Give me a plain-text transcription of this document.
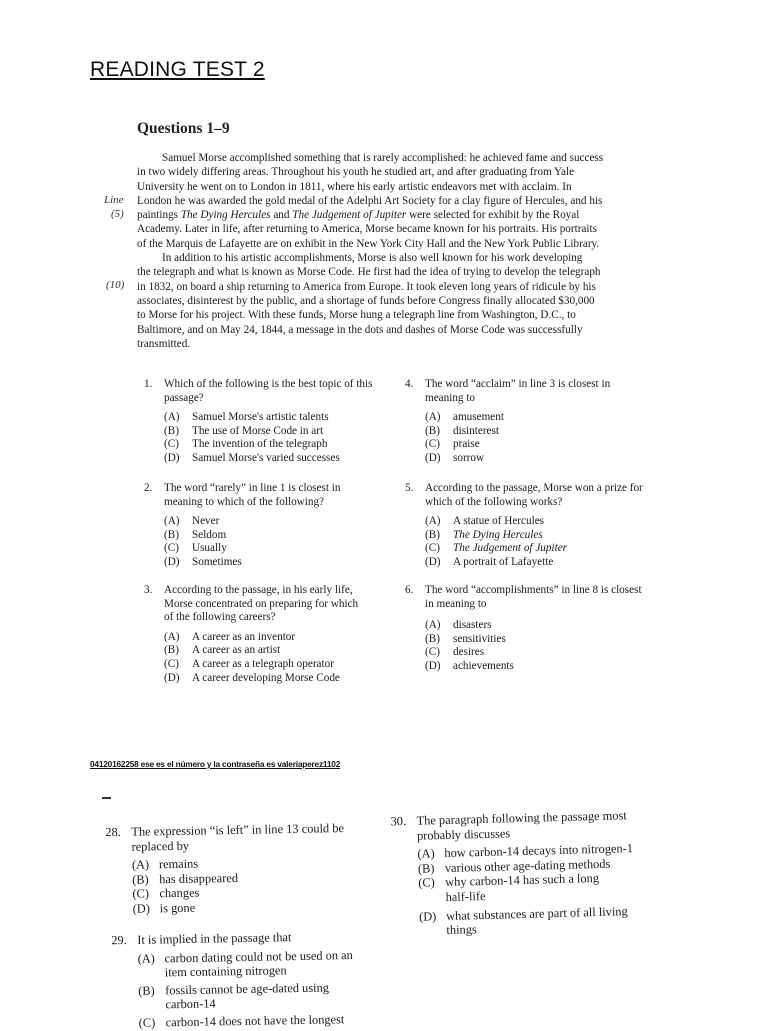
READING TEST 2
Questions 1–9
Line
(5)
(10)
Samuel Morse accomplished something that is rarely accomplished: he achieved fame and success
in two widely differing areas. Throughout his youth he studied art, and after graduating from Yale
University he went on to London in 1811, where his early artistic endeavors met with acclaim. In
London he was awarded the gold medal of the Adelphi Art Society for a clay figure of Hercules, and his
paintings The Dying Hercules and The Judgement of Jupiter were selected for exhibit by the Royal
Academy. Later in life, after returning to America, Morse became known for his portraits. His portraits
of the Marquis de Lafayette are on exhibit in the New York City Hall and the New York Public Library.
In addition to his artistic accomplishments, Morse is also well known for his work developing
the telegraph and what is known as Morse Code. He first had the idea of trying to develop the telegraph
in 1832, on board a ship returning to America from Europe. It took eleven long years of ridicule by his
associates, disinterest by the public, and a shortage of funds before Congress finally allocated $30,000
to Morse for his project. With these funds, Morse hung a telegraph line from Washington, D.C., to
Baltimore, and on May 24, 1844, a message in the dots and dashes of Morse Code was successfully
transmitted.
1.	Which of the following is the best topic of this passage?
(A)	Samuel Morse's artistic talents
(B)	The use of Morse Code in art
(C)	The invention of the telegraph
(D)	Samuel Morse's varied successes
2.	The word “rarely” in line 1 is closest in meaning to which of the following?
(A)	Never
(B)	Seldom
(C)	Usually
(D)	Sometimes
3.	According to the passage, in his early life, Morse concentrated on preparing for which of the following careers?
(A)	A career as an inventor
(B)	A career as an artist
(C)	A career as a telegraph operator
(D)	A career developing Morse Code
4.	The word “acclaim” in line 3 is closest in meaning to
(A)	amusement
(B)	disinterest
(C)	praise
(D)	sorrow
5.	According to the passage, Morse won a prize for which of the following works?
(A)	A statue of Hercules
(B)	The Dying Hercules
(C)	The Judgement of Jupiter
(D)	A portrait of Lafayette
6.	The word “accomplishments” in line 8 is closest in meaning to
(A)	disasters
(B)	sensitivities
(C)	desires
(D)	achievements

04120162258 ese es el número y la contraseña es valeriaperez1102

28. The expression “is left” in line 13 could be replaced by
(A) remains
(B) has disappeared
(C) changes
(D) is gone
29. It is implied in the passage that
(A) carbon dating could not be used on an item containing nitrogen
(B) fossils cannot be age-dated using carbon-14
(C) carbon-14 does not have the longest
30. The paragraph following the passage most probably discusses
(A) how carbon-14 decays into nitrogen-1
(B) various other age-dating methods
(C) why carbon-14 has such a long half-life
(D) what substances are part of all living things
